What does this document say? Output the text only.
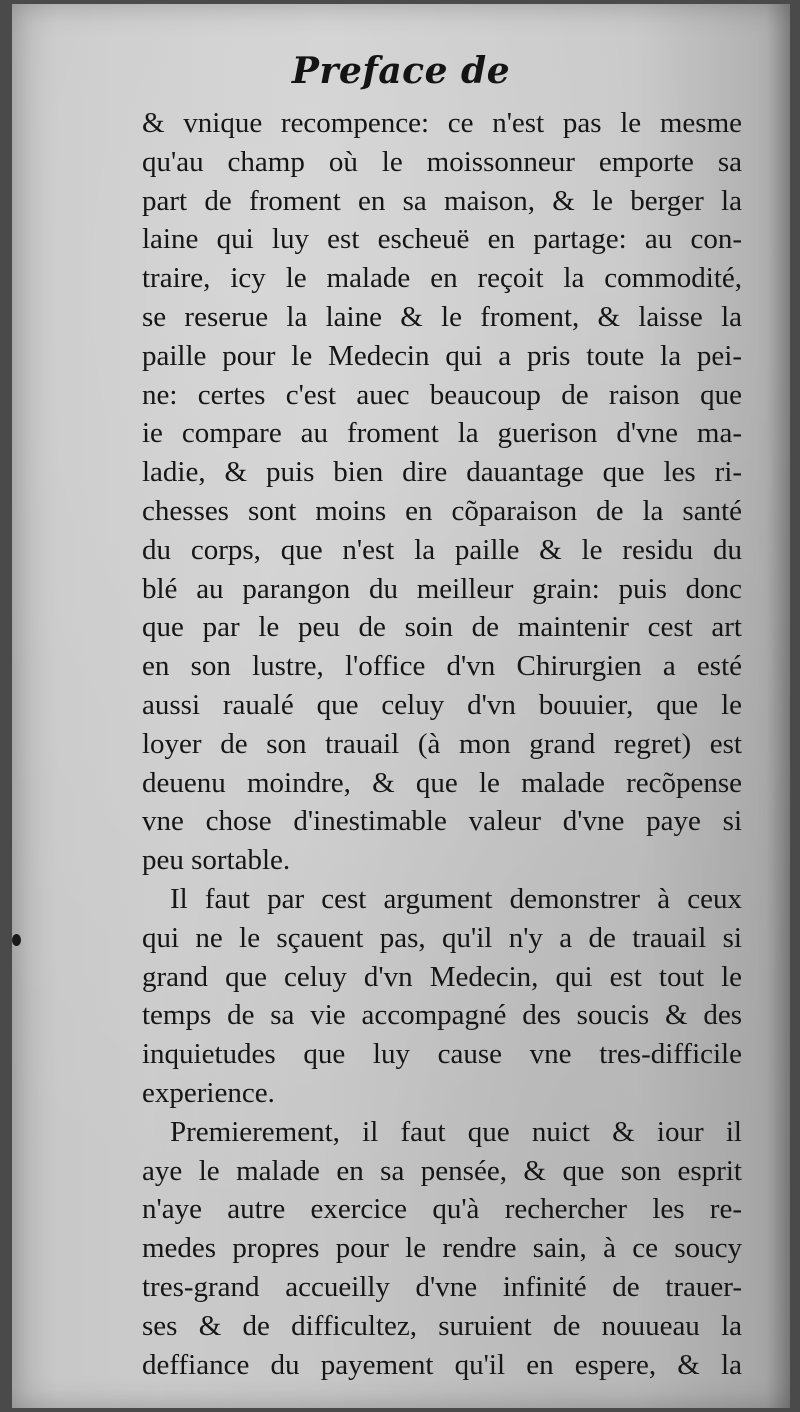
Preface de
& vnique recompence: ce n'est pas le mesme
qu'au champ où le moissonneur emporte sa
part de froment en sa maison, & le berger la
laine qui luy est escheuë en partage: au con-
traire, icy le malade en reçoit la commodité,
se reserue la laine & le froment, & laisse la
paille pour le Medecin qui a pris toute la pei-
ne: certes c'est auec beaucoup de raison que
ie compare au froment la guerison d'vne ma-
ladie, & puis bien dire dauantage que les ri-
chesses sont moins en cõparaison de la santé
du corps, que n'est la paille & le residu du
blé au parangon du meilleur grain: puis donc
que par le peu de soin de maintenir cest art
en son lustre, l'office d'vn Chirurgien a esté
aussi raualé que celuy d'vn bouuier, que le
loyer de son trauail (à mon grand regret) est
deuenu moindre, & que le malade recõpense
vne chose d'inestimable valeur d'vne paye si
peu sortable.
Il faut par cest argument demonstrer à ceux
qui ne le sçauent pas, qu'il n'y a de trauail si
grand que celuy d'vn Medecin, qui est tout le
temps de sa vie accompagné des soucis & des
inquietudes que luy cause vne tres-difficile
experience.
Premierement, il faut que nuict & iour il
aye le malade en sa pensée, & que son esprit
n'aye autre exercice qu'à rechercher les re-
medes propres pour le rendre sain, à ce soucy
tres-grand accueilly d'vne infinité de trauer-
ses & de difficultez, suruient de nouueau la
deffiance du payement qu'il en espere, & la
